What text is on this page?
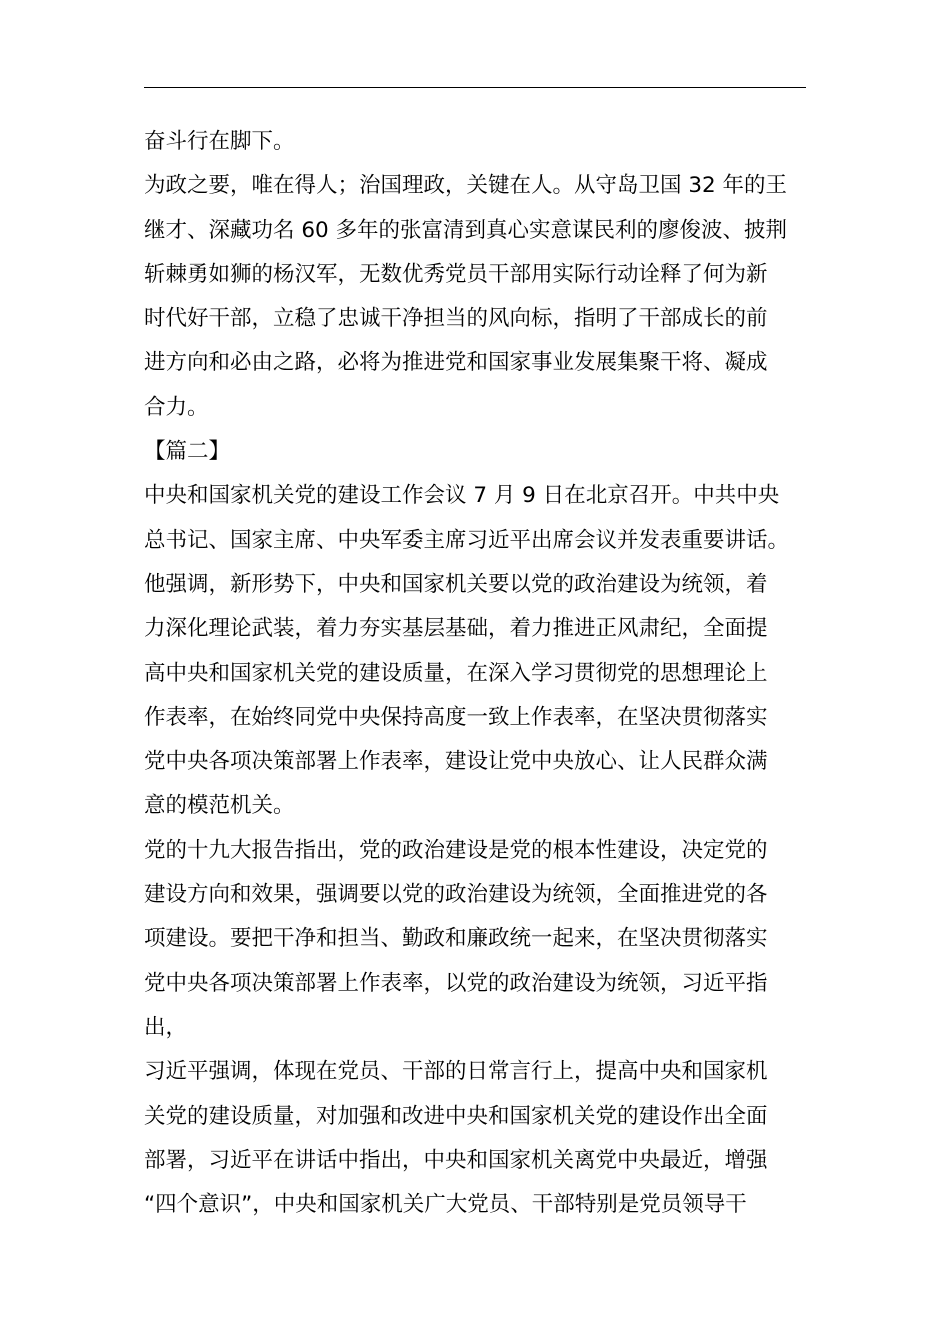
奋斗行在脚下。
为政之要，唯在得人；治国理政，关键在人。从守岛卫国 32 年的王
继才、深藏功名 60 多年的张富清到真心实意谋民利的廖俊波、披荆
斩棘勇如狮的杨汉军，无数优秀党员干部用实际行动诠释了何为新
时代好干部，立稳了忠诚干净担当的风向标，指明了干部成长的前
进方向和必由之路，必将为推进党和国家事业发展集聚干将、凝成
合力。
【篇二】
中央和国家机关党的建设工作会议 7 月 9 日在北京召开。中共中央
总书记、国家主席、中央军委主席习近平出席会议并发表重要讲话。
他强调，新形势下，中央和国家机关要以党的政治建设为统领，着
力深化理论武装，着力夯实基层基础，着力推进正风肃纪，全面提
高中央和国家机关党的建设质量，在深入学习贯彻党的思想理论上
作表率，在始终同党中央保持高度一致上作表率，在坚决贯彻落实
党中央各项决策部署上作表率，建设让党中央放心、让人民群众满
意的模范机关。
党的十九大报告指出，党的政治建设是党的根本性建设，决定党的
建设方向和效果，强调要以党的政治建设为统领，全面推进党的各
项建设。要把干净和担当、勤政和廉政统一起来，在坚决贯彻落实
党中央各项决策部署上作表率，以党的政治建设为统领，习近平指
出，
习近平强调，体现在党员、干部的日常言行上，提高中央和国家机
关党的建设质量，对加强和改进中央和国家机关党的建设作出全面
部署，习近平在讲话中指出，中央和国家机关离党中央最近，增强
“四个意识”，中央和国家机关广大党员、干部特别是党员领导干
